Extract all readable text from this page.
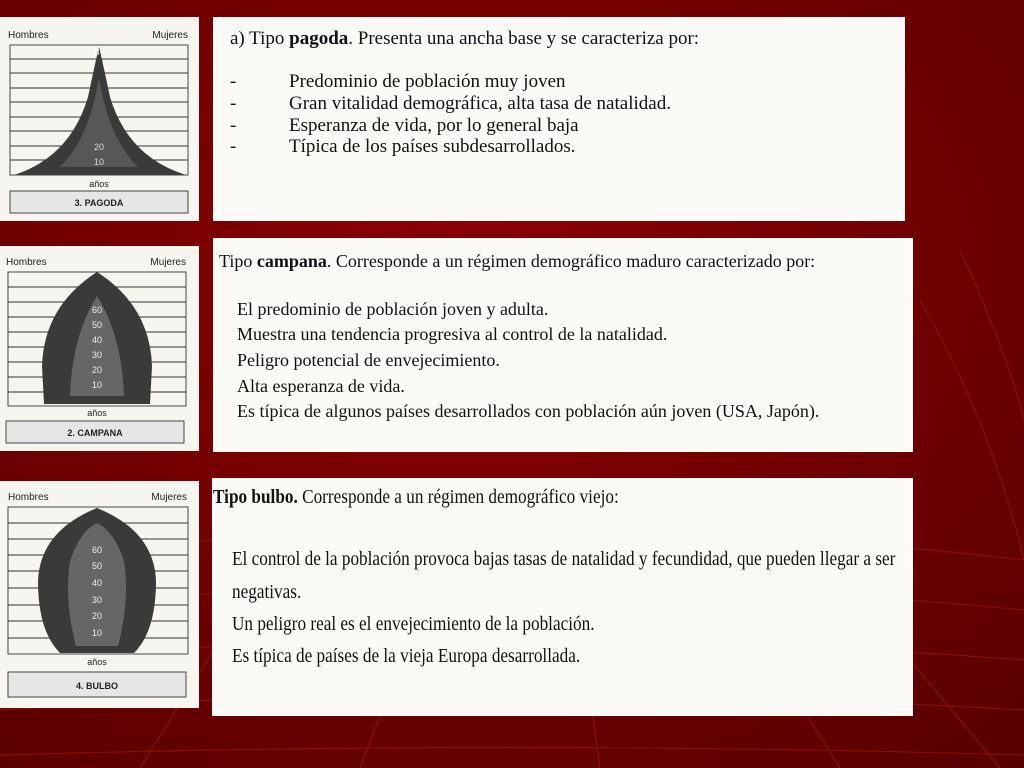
Hombres	Mujeres
8
20
10
años
3. PAGODA
Hombres	Mujeres
60
50
40
30
20
10
años
2. CAMPANA
Hombres	Mujeres
60
50
40
30
20
10
años
4. BULBO
a) Tipo pagoda. Presenta una ancha base y se caracteriza por:
-	Predominio de población muy joven
-	Gran vitalidad demográfica, alta tasa de natalidad.
-	Esperanza de vida, por lo general baja
-	Típica de los países subdesarrollados.
Tipo campana. Corresponde a un régimen demográfico maduro caracterizado por:
El predominio de población joven y adulta.
Muestra una tendencia progresiva al control de la natalidad.
Peligro potencial de envejecimiento.
Alta esperanza de vida.
Es típica de algunos países desarrollados con población aún joven (USA, Japón).
Tipo bulbo. Corresponde a un régimen demográfico viejo:
El control de la población provoca bajas tasas de natalidad y fecundidad, que pueden llegar a ser
negativas.
Un peligro real es el envejecimiento de la población.
Es típica de países de la vieja Europa desarrollada.
